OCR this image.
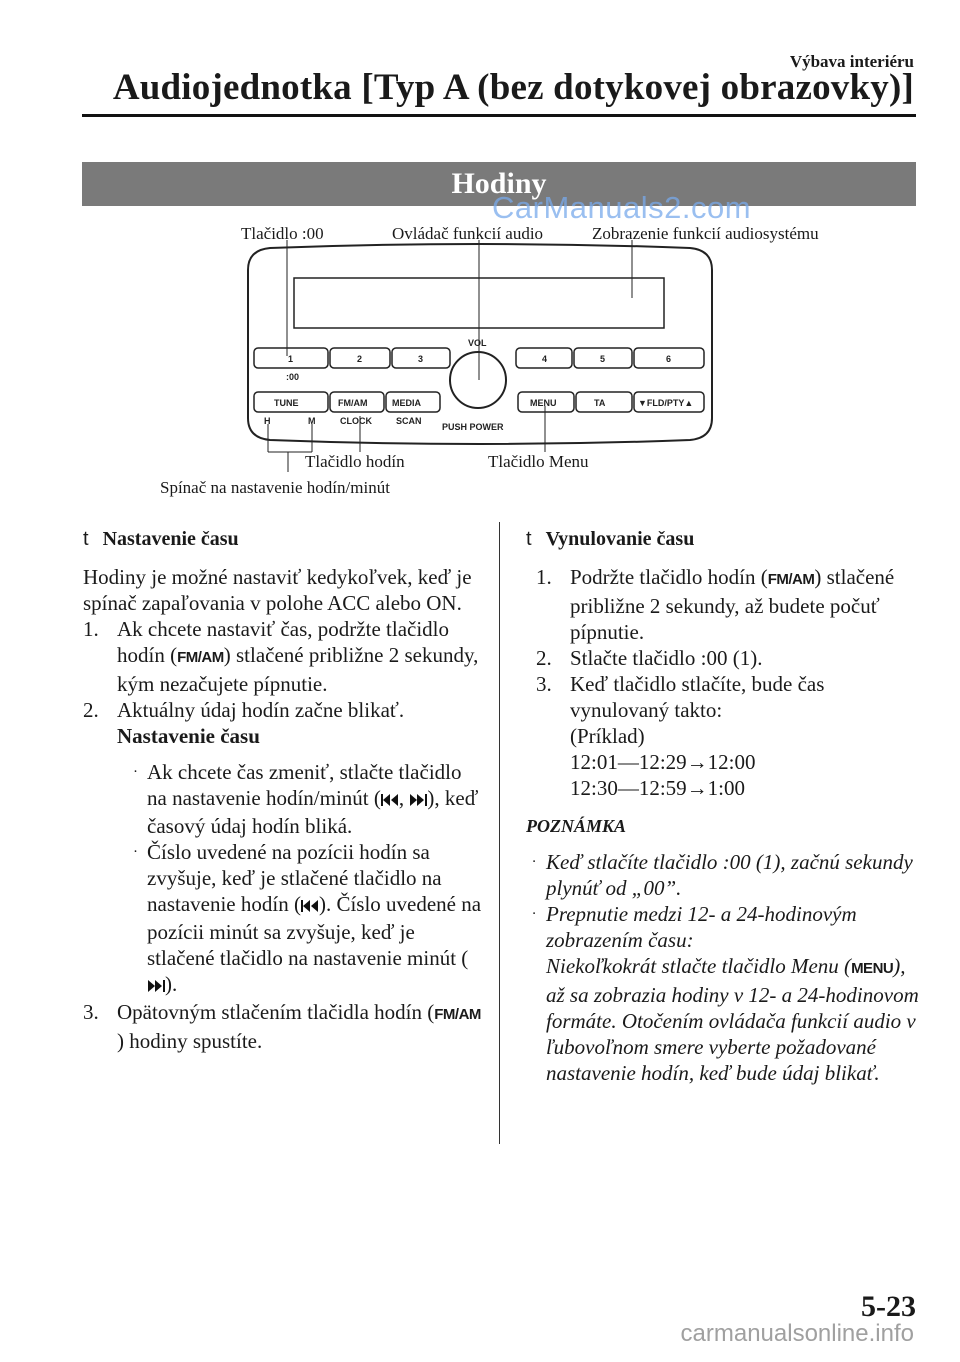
Výbava interiéru
Audiojednotka [Typ A (bez dotykovej obrazovky)]
Hodiny
CarManuals2.com
Tlačidlo :00	Ovládač funkcií audio	Zobrazenie funkcií audiosystému
Tlačidlo hodín	Tlačidlo Menu
Spínač na nastavenie hodín/minút
1	2	3	4	5	6
:00
VOL
TUNE	FM/AM	MEDIA
H	M	CLOCK	SCAN
PUSH POWER
MENU	TA	▼FLD/PTY▲
t Nastavenie času

Hodiny je možné nastaviť kedykoľvek, keď je spínač zapaľovania v polohe ACC alebo ON.

1. Ak chcete nastaviť čas, podržte tlačidlo hodín (FM/AM) stlačené približne 2 sekundy, kým nezačujete pípnutie.
2. Aktuálny údaj hodín začne blikať.
Nastavenie času
· Ak chcete čas zmeniť, stlačte tlačidlo na nastavenie hodín/minút ( , ), keď časový údaj hodín bliká.
· Číslo uvedené na pozícii hodín sa zvyšuje, keď je stlačené tlačidlo na nastavenie hodín ( ). Číslo uvedené na pozícii minút sa zvyšuje, keď je stlačené tlačidlo na nastavenie minút ().
3. Opätovným stlačením tlačidla hodín (FM/AM) hodiny spustíte.
t Vynulovanie času
1. Podržte tlačidlo hodín (FM/AM) stlačené približne 2 sekundy, až budete počuť pípnutie.
2. Stlačte tlačidlo :00 (1).
3. Keď tlačidlo stlačíte, bude čas vynulovaný takto:
(Príklad)
12:01―12:29→12:00
12:30―12:59→1:00
POZNÁMKA
· Keď stlačíte tlačidlo :00 (1), začnú sekundy plynúť od „00”.
· Prepnutie medzi 12- a 24-hodinovým zobrazením času:
Niekoľkokrát stlačte tlačidlo Menu (MENU), až sa zobrazia hodiny v 12- a 24-hodinovom formáte. Otočením ovládača funkcií audio v ľubovoľnom smere vyberte požadované nastavenie hodín, keď bude údaj blikať.
5-23
carmanualsonline.info
